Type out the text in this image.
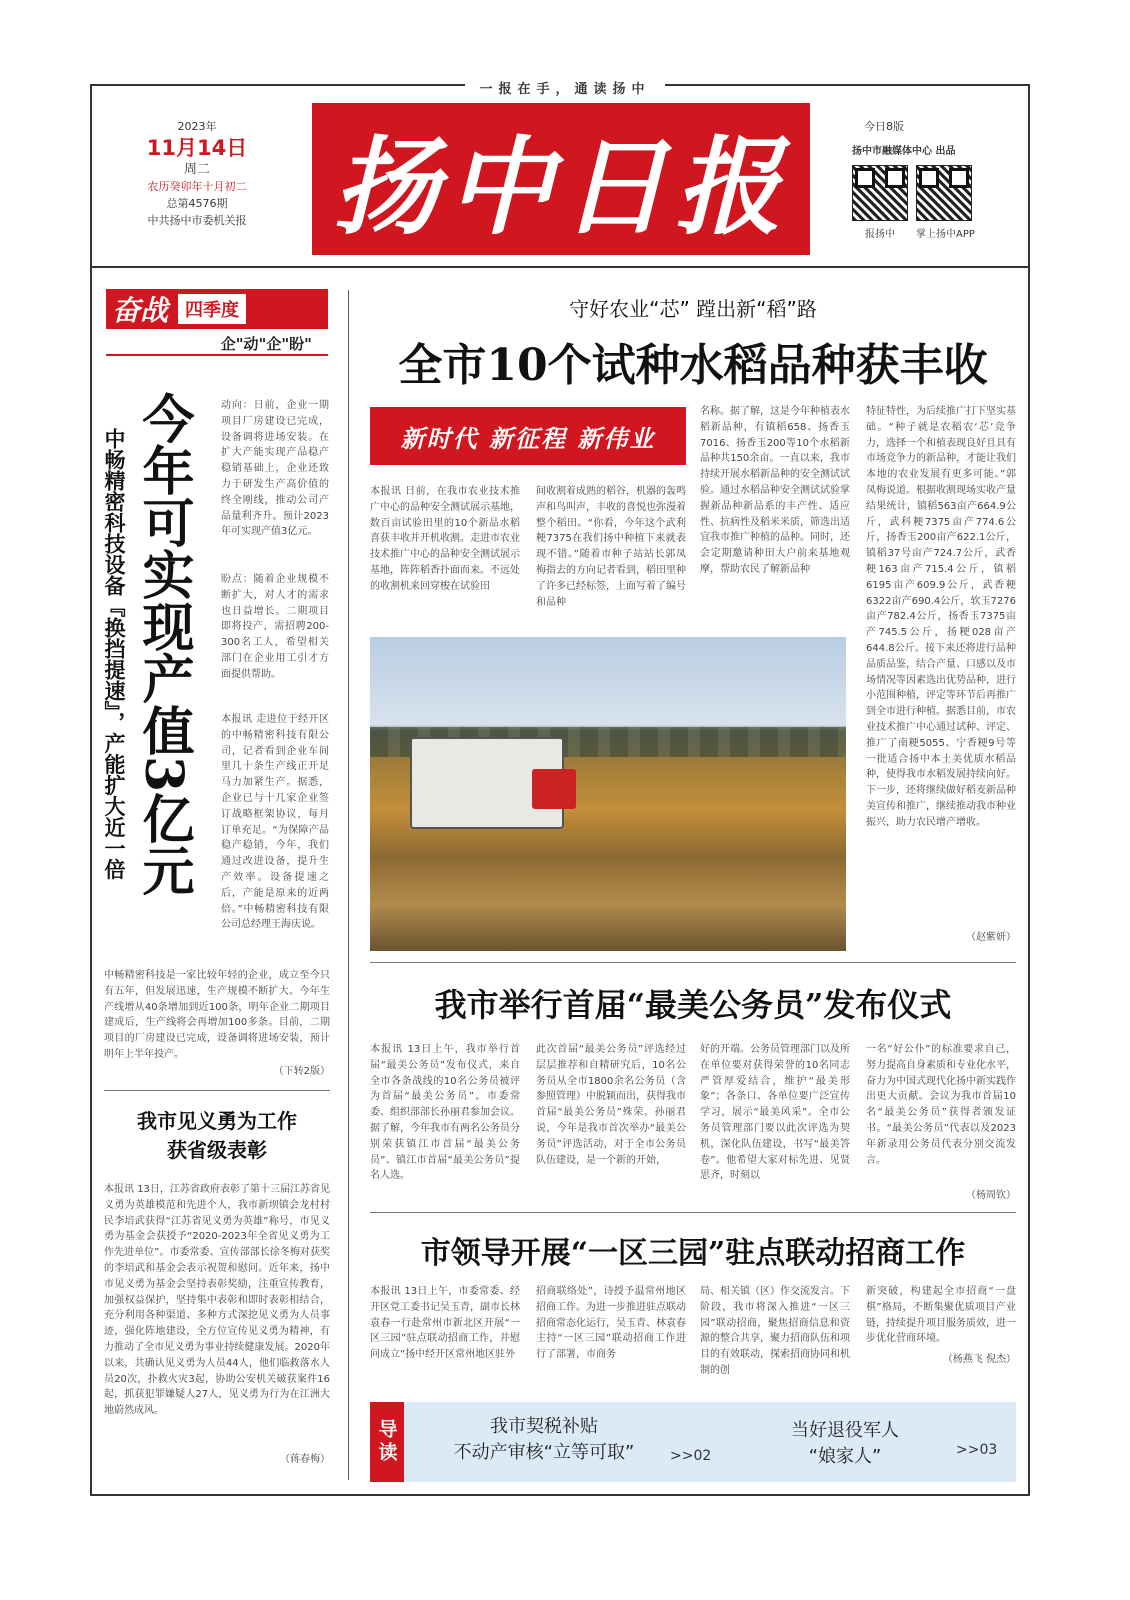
一报在手，通读扬中
2023年
11月14日
周二
农历癸卯年十月初二
总第4576期
中共扬中市委机关报 扬中日报	今日8版
扬中市融媒体中心 出品
报扬中	掌上扬中APP
奋战 四季度
企"动"企"盼"
今年可实现产值3亿元
中畅精密科技设备『换挡提速』，产能扩大近一倍
动向：日前，企业一期项目厂房建设已完成，设备调将进场安装。在扩大产能实现产品稳产稳销基础上，企业还致力于研发生产高价值的终全刚线，推动公司产品量利齐升。预计2023年可实现产值3亿元。
盼点：随着企业规模不断扩大，对人才的需求也日益增长。二期项目即将投产，需招聘200-300名工人，希望相关部门在企业用工引才方面提供帮助。
本报讯 走进位于经开区的中畅精密科技有限公司，记者看到企业车间里几十条生产线正开足马力加紧生产。据悉，企业已与十几家企业签订战略框架协议，每月订单充足。“为保障产品稳产稳销，今年，我们通过改进设备，提升生产效率。设备提速之后，产能是原来的近两倍。”中畅精密科技有限公司总经理王海庆说。
中畅精密科技是一家比较年轻的企业，成立至今只有五年，但发展迅速，生产规模不断扩大。今年生产线增从40条增加到近100条，明年企业二期项目建成后，生产线将会再增加100多条。目前，二期项目的厂房建设已完成，设备调将进场安装，预计明年上半年投产。
（下转2版）
我市见义勇为工作
获省级表彰
本报讯 13日，江苏省政府表彰了第十三届江苏省见义勇为英雄模范和先进个人，我市新坝镇会龙村村民李培武获得“江苏省见义勇为英雄”称号，市见义勇为基金会获授予“2020-2023年全省见义勇为工作先进单位”。市委常委、宣传部部长徐冬梅对获奖的李培武和基金会表示祝贺和慰问。近年来，扬中市见义勇为基金会坚持表彰奖励，注重宣传教育，加强权益保护，坚持集中表彰和即时表彰相结合，充分利用各种渠道、多种方式深挖见义勇为人员事迹，强化阵地建设，全方位宣传见义勇为精神，有力推动了全市见义勇为事业持续健康发展。2020年以来，共确认见义勇为人员44人，他们临救落水人员20次，扑救火灾3起，协助公安机关破获案件16起，抓获犯罪嫌疑人27人，见义勇为行为在江洲大地蔚然成风。
（蒋春梅）
守好农业“芯” 蹚出新“稻”路
全市10个试种水稻品种获丰收
新时代 新征程 新伟业
本报讯 日前，在我市农业技术推广中心的品种安全测试展示基地，数百亩试验田里的10个新品水稻喜获丰收并开机收割。走进市农业技术推广中心的品种安全测试展示基地，阵阵稻香扑面而来。不远处的收割机来回穿梭在试验田
间收割着成熟的稻谷，机器的轰鸣声和鸟叫声，丰收的喜悦也弥漫着整个稻田。“你看，今年这个武利粳7375在我们扬中种植下来就表现不错。”随着市种子站站长郭凤梅指去的方向记者看到，稻田里种了许多已经标签，上面写着了编号和品种
名称。据了解，这是今年种植表水稻新品种，有镇稻658、扬香玉7016、扬香玉200等10个水稻新品种共150余亩。一直以来，我市持续开展水稻新品种的安全测试试验。通过水稻品种安全测试试验掌握新品种新品系的丰产性、适应性、抗病性及稻米米质，筛选出适宜我市推广种植的品种。同时，还会定期邀请种田大户前来基地观摩，帮助农民了解新品种
特征特性，为后续推广打下坚实基础。“种子就是农稻农‘芯’竞争力，选择一个和植表现良好且具有市场竞争力的新品种，才能让我们本地的农业发展有更多可能。”郭凤梅说道。根据收割现场实收产量结果统计，镇稻563亩产664.9公斤，武科粳7375亩产774.6公斤，扬香玉200亩产622.1公斤，镇稻37号亩产724.7公斤，武香粳163亩产715.4公斤，镇稻6195亩产609.9公斤，武香粳6322亩产690.4公斤，软玉7276亩产782.4公斤，扬香玉7375亩产745.5公斤，扬粳028亩产644.8公斤。接下来还将进行品种品质品鉴，结合产量、口感以及市场情况等因素选出优势品种，进行小范围种植，评定等环节后再推广到全市进行种植。据悉目前，市农业技术推广中心通过试种、评定、推广了南粳5055、宁香粳9号等一批适合扬中本土美优质水稻品种，使得我市水稻发展持续向好。下一步，还将继续做好稻麦新品种美宣传和推广，继续推动我市种业振兴，助力农民增产增收。
（赵紫妍）
我市举行首届“最美公务员”发布仪式
本报讯 13日上午，我市举行首届“最美公务员”发布仪式，来自全市各条战线的10名公务员被评为首届“最美公务员”。市委常委、组织部部长孙丽君参加会议。据了解，今年我市有两名公务员分别荣获镇江市首届“最美公务员”、镇江市首届“最美公务员”提名人选。
此次首届“最美公务员”评选经过层层推荐和自精研究后，10名公务员从全市1800余名公务员（含参照管理）中脱颖而出，获得我市首届“最美公务员”殊荣。孙丽君说，今年是我市首次举办“最美公务员”评选活动，对于全市公务员队伍建设，是一个新的开始，
好的开端。公务员管理部门以及所在单位要对获得荣誉的10名同志严管厚爱结合，维护“最美形象”；各条口、各单位要广泛宣传学习，展示“最美风采”。全市公务员管理部门要以此次评选为契机，深化队伍建设，书写“最美答卷”。他希望大家对标先进、见贤思齐，时刻以
一名“好公仆”的标准要求自己，努力提高自身素质和专业化水平，奋力为中国式现代化扬中新实践作出更大贡献。会议为我市首届10名“最美公务员”获得者颁发证书。“最美公务员”代表以及2023年新录用公务员代表分别交流发言。
（杨周钦）
市领导开展“一区三园”驻点联动招商工作
本报讯 13日上午，市委常委、经开区党工委书记吴玉青，副市长林袁春一行赴常州市新北区开展“一区三园”驻点联动招商工作，并慰问成立“扬中经开区常州地区驻外
招商联络处”，诗授予温常州地区招商工作。为进一步推进驻点联动招商常态化运行，吴玉青、林袁春主持“一区三园”联动招商工作进行了部署，市商务
局、相关镇（区）作交流发言。下阶段，我市将深入推进“一区三园”联动招商，聚焦招商信息和资源的整合共享，聚力招商队伍和项目的有效联动，探索招商协同和机制的创
新突破，构建起全市招商“一盘棋”格局，不断集聚优质项目产业链，持续提升项目服务质效，进一步优化营商环境。
（杨燕飞 倪杰）
导读	我市契税补贴
不动产审核“立等可取”	>>02
当好退役军人
“娘家人”	>>03
